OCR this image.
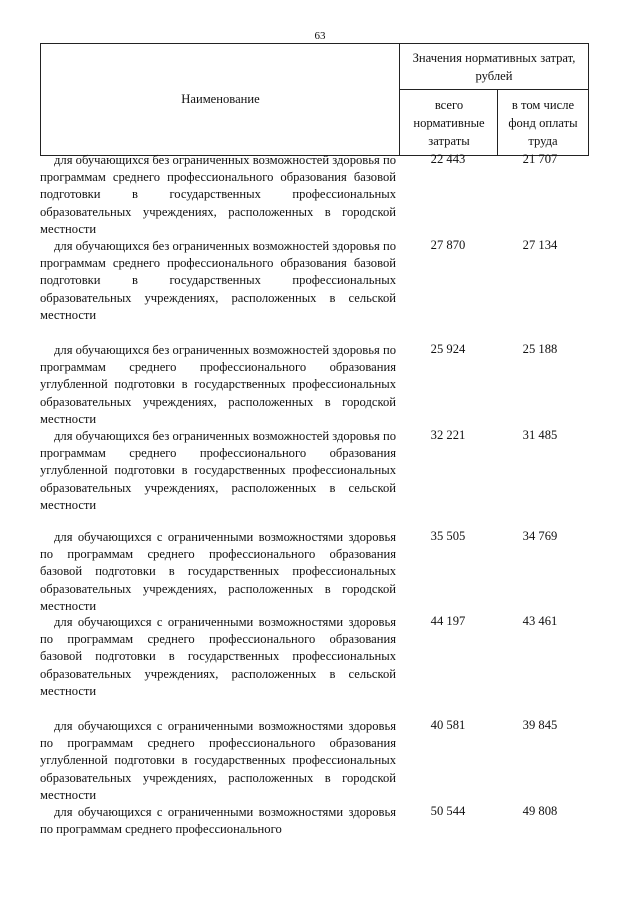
63
Наименование
Значения нормативных затрат, рублей
всего нормативные затраты
в том числе фонд оплаты труда
для обучающихся без ограниченных возможностей здоровья по программам среднего профессионального образования базовой подготовки в государственных профессиональных образовательных учреждениях, расположенных в городской местности
22 443	21 707
для обучающихся без ограниченных возможностей здоровья по программам среднего профессионального образования базовой подготовки в государственных профессиональных образовательных учреждениях, расположенных в сельской местности
27 870	27 134
для обучающихся без ограниченных возможностей здоровья по программам среднего профессионального образования углубленной подготовки в государственных профессиональных образовательных учреждениях, расположенных в городской местности
25 924	25 188
для обучающихся без ограниченных возможностей здоровья по программам среднего профессионального образования углубленной подготовки в государственных профессиональных образовательных учреждениях, расположенных в сельской местности
32 221	31 485
для обучающихся с ограниченными возможностями здоровья по программам среднего профессионального образования базовой подготовки в государственных профессиональных образовательных учреждениях, расположенных в городской местности
35 505	34 769
для обучающихся с ограниченными возможностями здоровья по программам среднего профессионального образования базовой подготовки в государственных профессиональных образовательных учреждениях, расположенных в сельской местности
44 197	43 461
для обучающихся с ограниченными возможностями здоровья по программам среднего профессионального образования углубленной подготовки в государственных профессиональных образовательных учреждениях, расположенных в городской местности
40 581	39 845
для обучающихся с ограниченными возможностями здоровья по программам среднего профессионального
50 544	49 808
